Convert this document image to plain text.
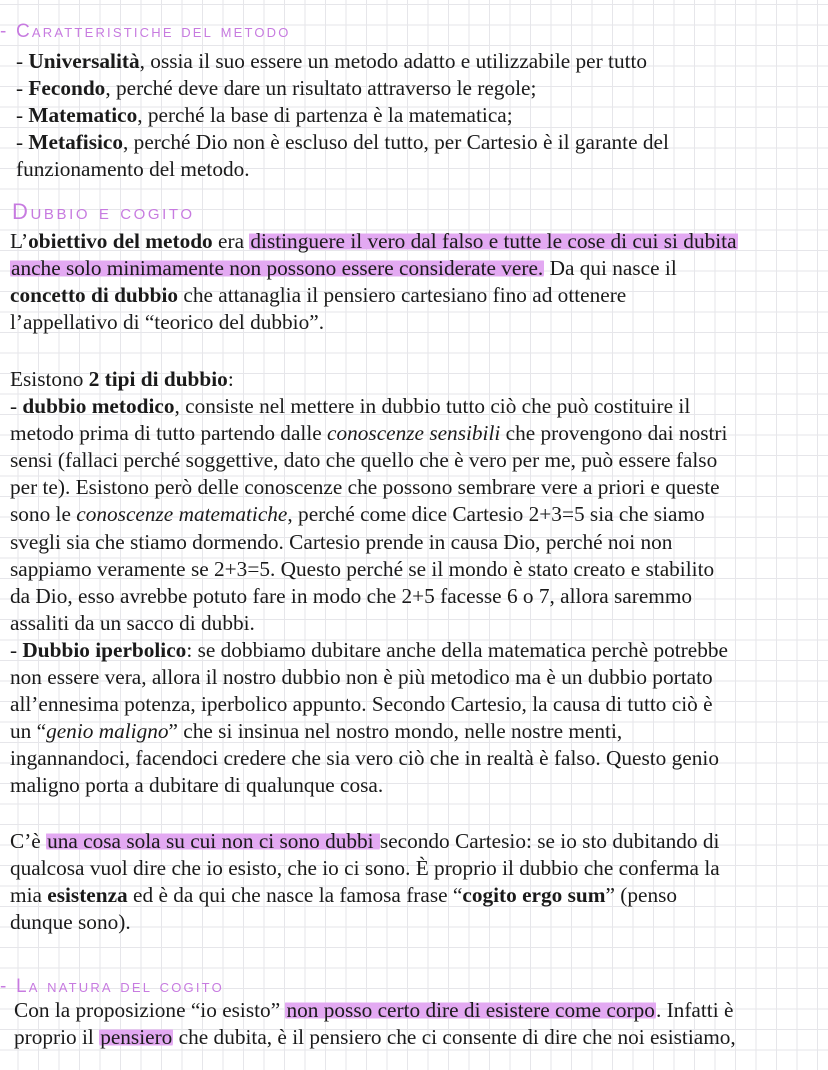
- Caratteristiche del metodo
- Universalità, ossia il suo essere un metodo adatto e utilizzabile per tutto
- Fecondo, perché deve dare un risultato attraverso le regole;
- Matematico, perché la base di partenza è la matematica;
- Metafisico, perché Dio non è escluso del tutto, per Cartesio è il garante del
funzionamento del metodo.
Dubbio e cogito
L’obiettivo del metodo era distinguere il vero dal falso e tutte le cose di cui si dubita
anche solo minimamente non possono essere considerate vere. Da qui nasce il
concetto di dubbio che attanaglia il pensiero cartesiano fino ad ottenere
l’appellativo di “teorico del dubbio”.
Esistono 2 tipi di dubbio:
- dubbio metodico, consiste nel mettere in dubbio tutto ciò che può costituire il
metodo prima di tutto partendo dalle conoscenze sensibili che provengono dai nostri
sensi (fallaci perché soggettive, dato che quello che è vero per me, può essere falso
per te). Esistono però delle conoscenze che possono sembrare vere a priori e queste
sono le conoscenze matematiche, perché come dice Cartesio 2+3=5 sia che siamo
svegli sia che stiamo dormendo. Cartesio prende in causa Dio, perché noi non
sappiamo veramente se 2+3=5. Questo perché se il mondo è stato creato e stabilito
da Dio, esso avrebbe potuto fare in modo che 2+5 facesse 6 o 7, allora saremmo
assaliti da un sacco di dubbi.
- Dubbio iperbolico: se dobbiamo dubitare anche della matematica perchè potrebbe
non essere vera, allora il nostro dubbio non è più metodico ma è un dubbio portato
all’ennesima potenza, iperbolico appunto. Secondo Cartesio, la causa di tutto ciò è
un “genio maligno” che si insinua nel nostro mondo, nelle nostre menti,
ingannandoci, facendoci credere che sia vero ciò che in realtà è falso. Questo genio
maligno porta a dubitare di qualunque cosa.
C’è una cosa sola su cui non ci sono dubbi secondo Cartesio: se io sto dubitando di
qualcosa vuol dire che io esisto, che io ci sono. È proprio il dubbio che conferma la
mia esistenza ed è da qui che nasce la famosa frase “cogito ergo sum” (penso
dunque sono).
- La natura del cogito
Con la proposizione “io esisto” non posso certo dire di esistere come corpo. Infatti è
proprio il pensiero che dubita, è il pensiero che ci consente di dire che noi esistiamo,
